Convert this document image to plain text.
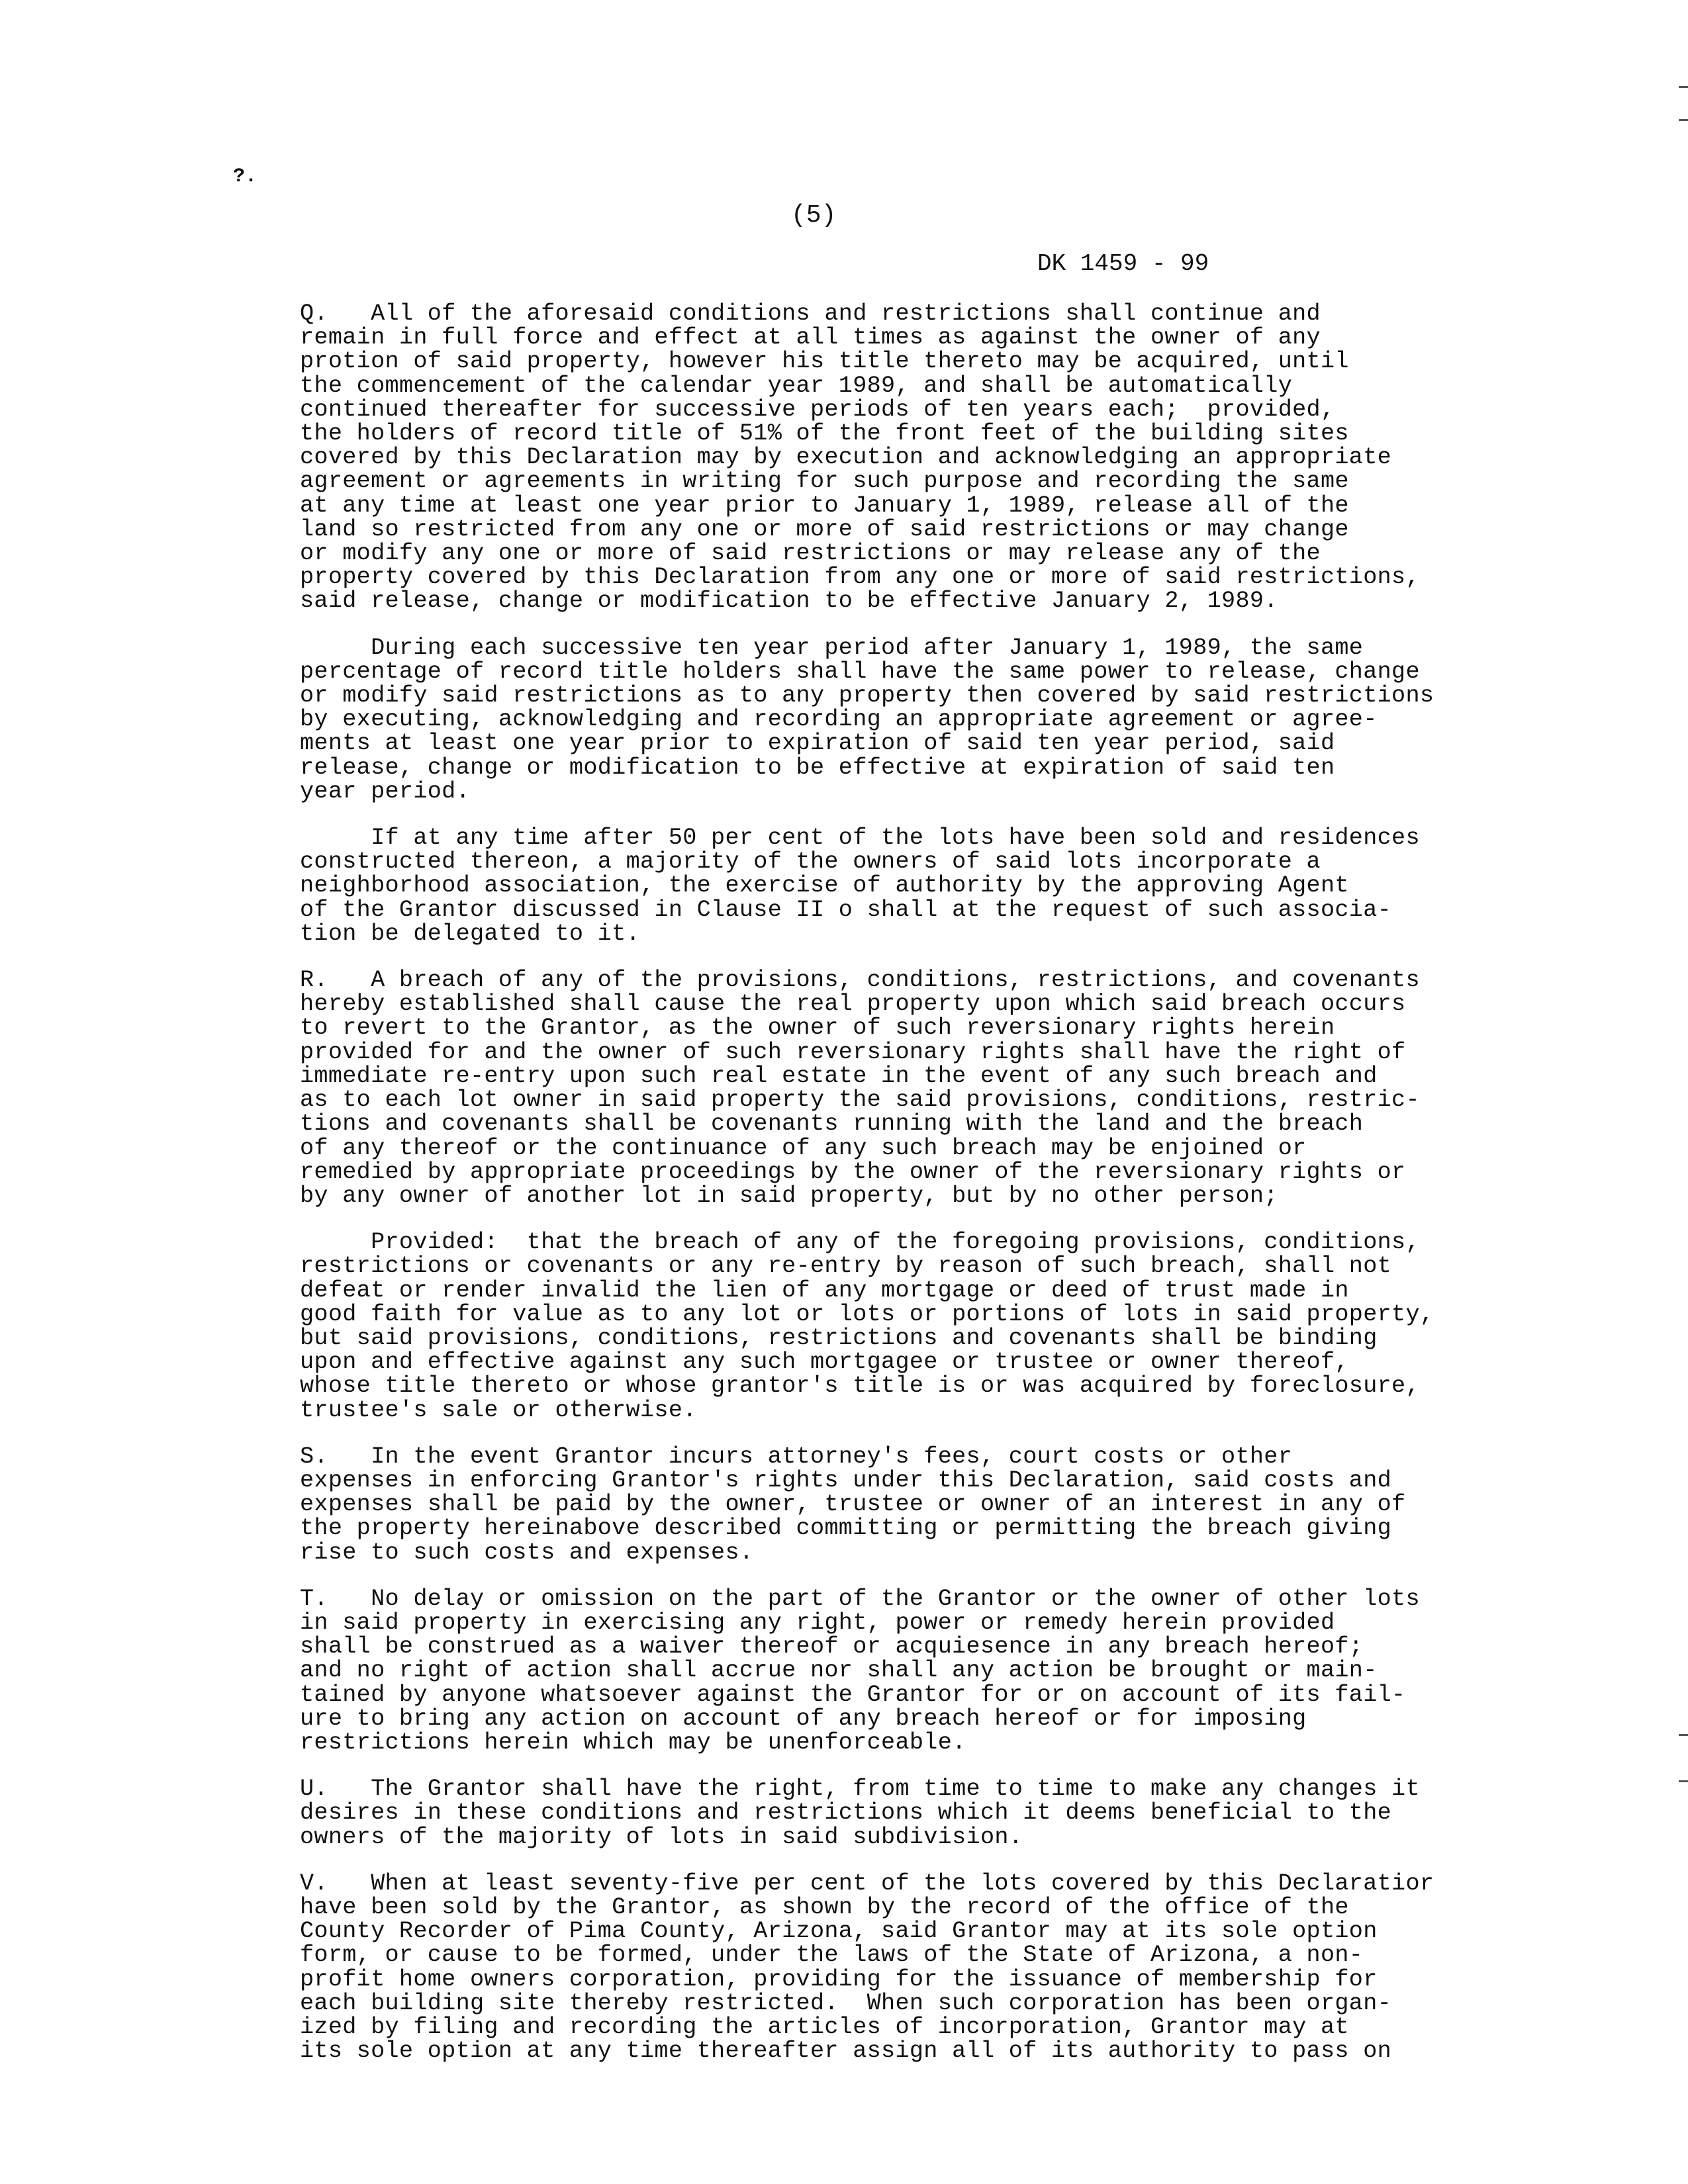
?.
(5)
DK 1459 - 99
Q.   All of the aforesaid conditions and restrictions shall continue and
remain in full force and effect at all times as against the owner of any
protion of said property, however his title thereto may be acquired, until
the commencement of the calendar year 1989, and shall be automatically
continued thereafter for successive periods of ten years each;  provided,
the holders of record title of 51% of the front feet of the building sites
covered by this Declaration may by execution and acknowledging an appropriate
agreement or agreements in writing for such purpose and recording the same
at any time at least one year prior to January 1, 1989, release all of the
land so restricted from any one or more of said restrictions or may change
or modify any one or more of said restrictions or may release any of the
property covered by this Declaration from any one or more of said restrictions,
said release, change or modification to be effective January 2, 1989.
During each successive ten year period after January 1, 1989, the same
percentage of record title holders shall have the same power to release, change
or modify said restrictions as to any property then covered by said restrictions
by executing, acknowledging and recording an appropriate agreement or agree-
ments at least one year prior to expiration of said ten year period, said
release, change or modification to be effective at expiration of said ten
year period.
If at any time after 50 per cent of the lots have been sold and residences
constructed thereon, a majority of the owners of said lots incorporate a
neighborhood association, the exercise of authority by the approving Agent
of the Grantor discussed in Clause II o shall at the request of such associa-
tion be delegated to it.
R.   A breach of any of the provisions, conditions, restrictions, and covenants
hereby established shall cause the real property upon which said breach occurs
to revert to the Grantor, as the owner of such reversionary rights herein
provided for and the owner of such reversionary rights shall have the right of
immediate re-entry upon such real estate in the event of any such breach and
as to each lot owner in said property the said provisions, conditions, restric-
tions and covenants shall be covenants running with the land and the breach
of any thereof or the continuance of any such breach may be enjoined or
remedied by appropriate proceedings by the owner of the reversionary rights or
by any owner of another lot in said property, but by no other person;
Provided:  that the breach of any of the foregoing provisions, conditions,
restrictions or covenants or any re-entry by reason of such breach, shall not
defeat or render invalid the lien of any mortgage or deed of trust made in
good faith for value as to any lot or lots or portions of lots in said property,
but said provisions, conditions, restrictions and covenants shall be binding
upon and effective against any such mortgagee or trustee or owner thereof,
whose title thereto or whose grantor's title is or was acquired by foreclosure,
trustee's sale or otherwise.
S.   In the event Grantor incurs attorney's fees, court costs or other
expenses in enforcing Grantor's rights under this Declaration, said costs and
expenses shall be paid by the owner, trustee or owner of an interest in any of
the property hereinabove described committing or permitting the breach giving
rise to such costs and expenses.
T.   No delay or omission on the part of the Grantor or the owner of other lots
in said property in exercising any right, power or remedy herein provided
shall be construed as a waiver thereof or acquiesence in any breach hereof;
and no right of action shall accrue nor shall any action be brought or main-
tained by anyone whatsoever against the Grantor for or on account of its fail-
ure to bring any action on account of any breach hereof or for imposing
restrictions herein which may be unenforceable.
U.   The Grantor shall have the right, from time to time to make any changes it
desires in these conditions and restrictions which it deems beneficial to the
owners of the majority of lots in said subdivision.
V.   When at least seventy-five per cent of the lots covered by this Declaratior
have been sold by the Grantor, as shown by the record of the office of the
County Recorder of Pima County, Arizona, said Grantor may at its sole option
form, or cause to be formed, under the laws of the State of Arizona, a non-
profit home owners corporation, providing for the issuance of membership for
each building site thereby restricted.  When such corporation has been organ-
ized by filing and recording the articles of incorporation, Grantor may at
its sole option at any time thereafter assign all of its authority to pass on
